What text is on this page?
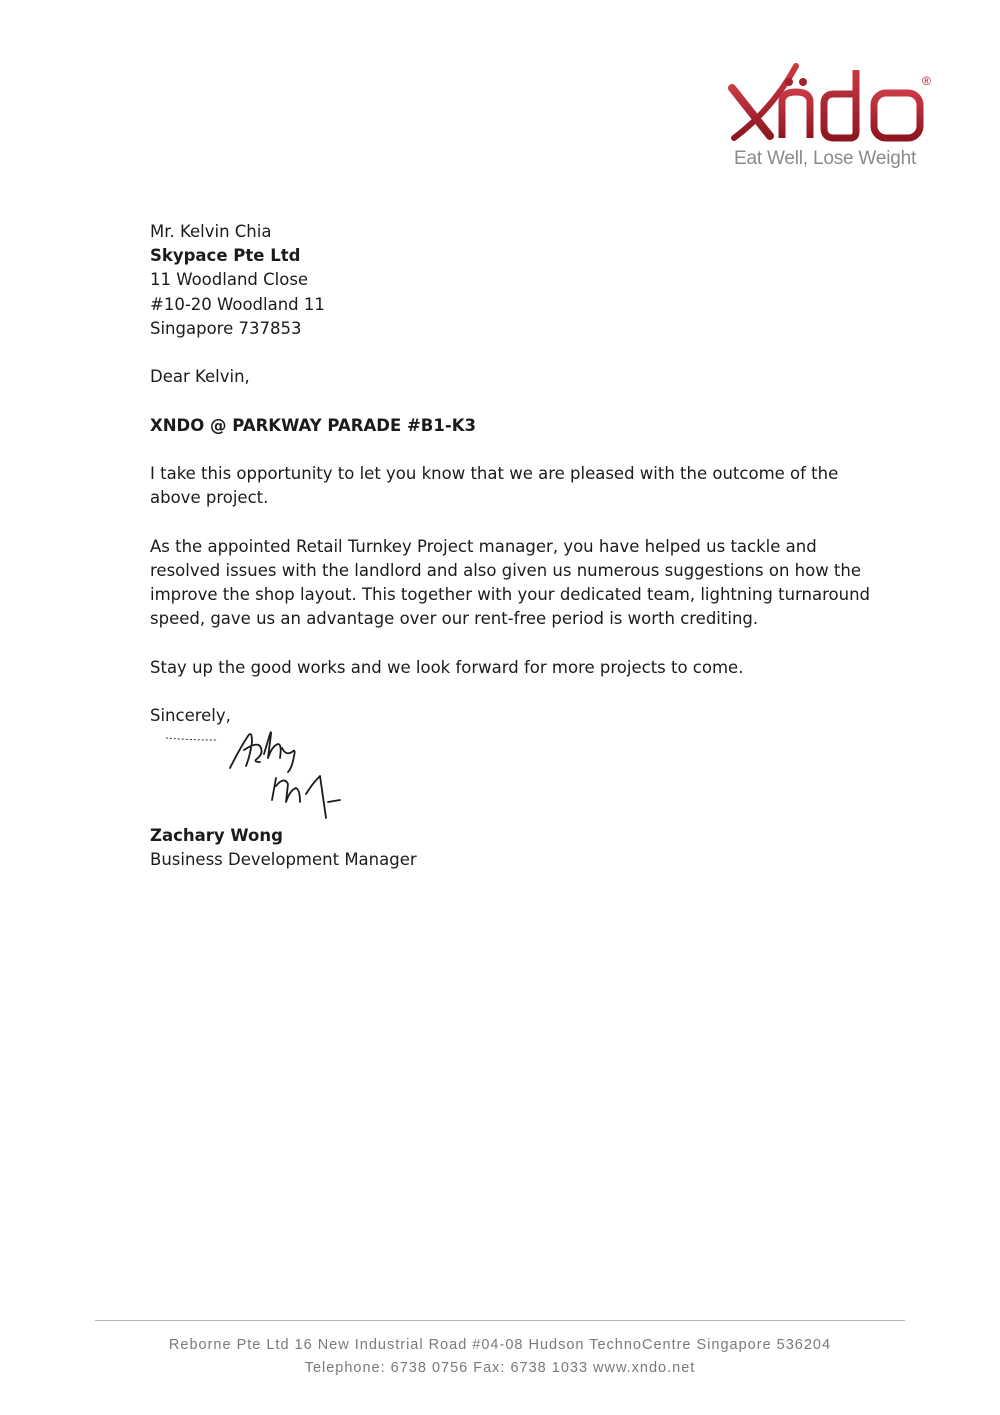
®
Eat Well, Lose Weight
Mr. Kelvin Chia
Skypace Pte Ltd
11 Woodland Close
#10-20 Woodland 11
Singapore 737853
Dear Kelvin,
XNDO @ PARKWAY PARADE #B1-K3

I take this opportunity to let you know that we are pleased with the outcome of the above project.

As the appointed Retail Turnkey Project manager, you have helped us tackle and resolved issues with the landlord and also given us numerous suggestions on how the improve the shop layout. This together with your dedicated team, lightning turnaround speed, gave us an advantage over our rent-free period is worth crediting.

Stay up the good works and we look forward for more projects to come.

Sincerely,
Zachary Wong
Business Development Manager
Reborne Pte Ltd 16 New Industrial Road #04-08 Hudson TechnoCentre Singapore 536204
Telephone: 6738 0756 Fax: 6738 1033 www.xndo.net
